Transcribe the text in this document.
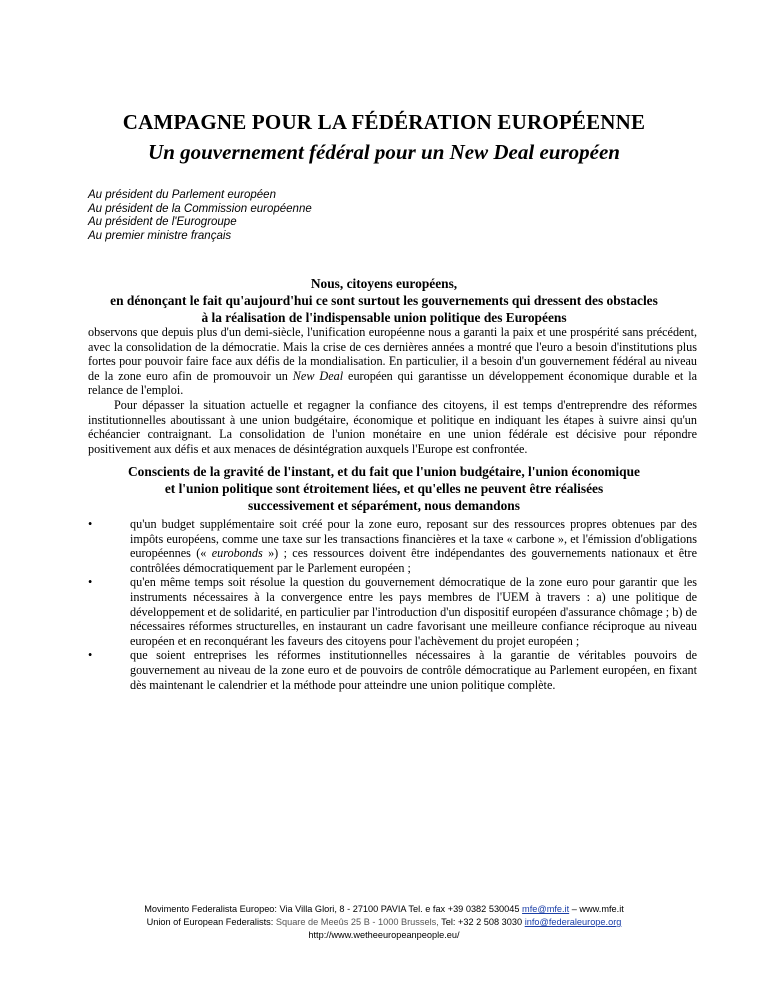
CAMPAGNE POUR LA FÉDÉRATION EUROPÉENNE
Un gouvernement fédéral pour un New Deal européen
Au président du Parlement européen
Au président de la Commission européenne
Au président de l'Eurogroupe
Au premier ministre français
Nous, citoyens européens,
en dénonçant le fait qu'aujourd'hui ce sont surtout les gouvernements qui dressent des obstacles
à la réalisation de l'indispensable union politique des Européens

observons que depuis plus d'un demi-siècle, l'unification européenne nous a garanti la paix et une prospérité sans précédent, avec la consolidation de la démocratie. Mais la crise de ces dernières années a montré que l'euro a besoin d'institutions plus fortes pour pouvoir faire face aux défis de la mondialisation. En particulier, il a besoin d'un gouvernement fédéral au niveau de la zone euro afin de promouvoir un New Deal européen qui garantisse un développement économique durable et la relance de l'emploi.

Pour dépasser la situation actuelle et regagner la confiance des citoyens, il est temps d'entreprendre des réformes institutionnelles aboutissant à une union budgétaire, économique et politique en indiquant les étapes à suivre ainsi qu'un échéancier contraignant. La consolidation de l'union monétaire en une union fédérale est décisive pour répondre positivement aux défis et aux menaces de désintégration auxquels l'Europe est confrontée.

Conscients de la gravité de l'instant, et du fait que l'union budgétaire, l'union économique
et l'union politique sont étroitement liées, et qu'elles ne peuvent être réalisées
successivement et séparément, nous demandons
•	qu'un budget supplémentaire soit créé pour la zone euro, reposant sur des ressources propres obtenues par des impôts européens, comme une taxe sur les transactions financières et la taxe « carbone », et l'émission d'obligations européennes (« eurobonds ») ; ces ressources doivent être indépendantes des gouvernements nationaux et être contrôlées démocratiquement par le Parlement européen ;
•	qu'en même temps soit résolue la question du gouvernement démocratique de la zone euro pour garantir que les instruments nécessaires à la convergence entre les pays membres de l'UEM à travers : a) une politique de développement et de solidarité, en particulier par l'introduction d'un dispositif européen d'assurance chômage ; b) de nécessaires réformes structurelles, en instaurant un cadre favorisant une meilleure confiance réciproque au niveau européen et en reconquérant les faveurs des citoyens pour l'achèvement du projet européen ;
•	que soient entreprises les réformes institutionnelles nécessaires à la garantie de véritables pouvoirs de gouvernement au niveau de la zone euro et de pouvoirs de contrôle démocratique au Parlement européen, en fixant dès maintenant le calendrier et la méthode pour atteindre une union politique complète.
Movimento Federalista Europeo: Via Villa Glori, 8 - 27100 PAVIA Tel. e fax +39 0382 530045 mfe@mfe.it – www.mfe.it
Union of European Federalists: Square de Meeûs 25 B - 1000 Brussels, Tel: +32 2 508 3030 info@federaleurope.org
http://www.wetheeuropeanpeople.eu/
